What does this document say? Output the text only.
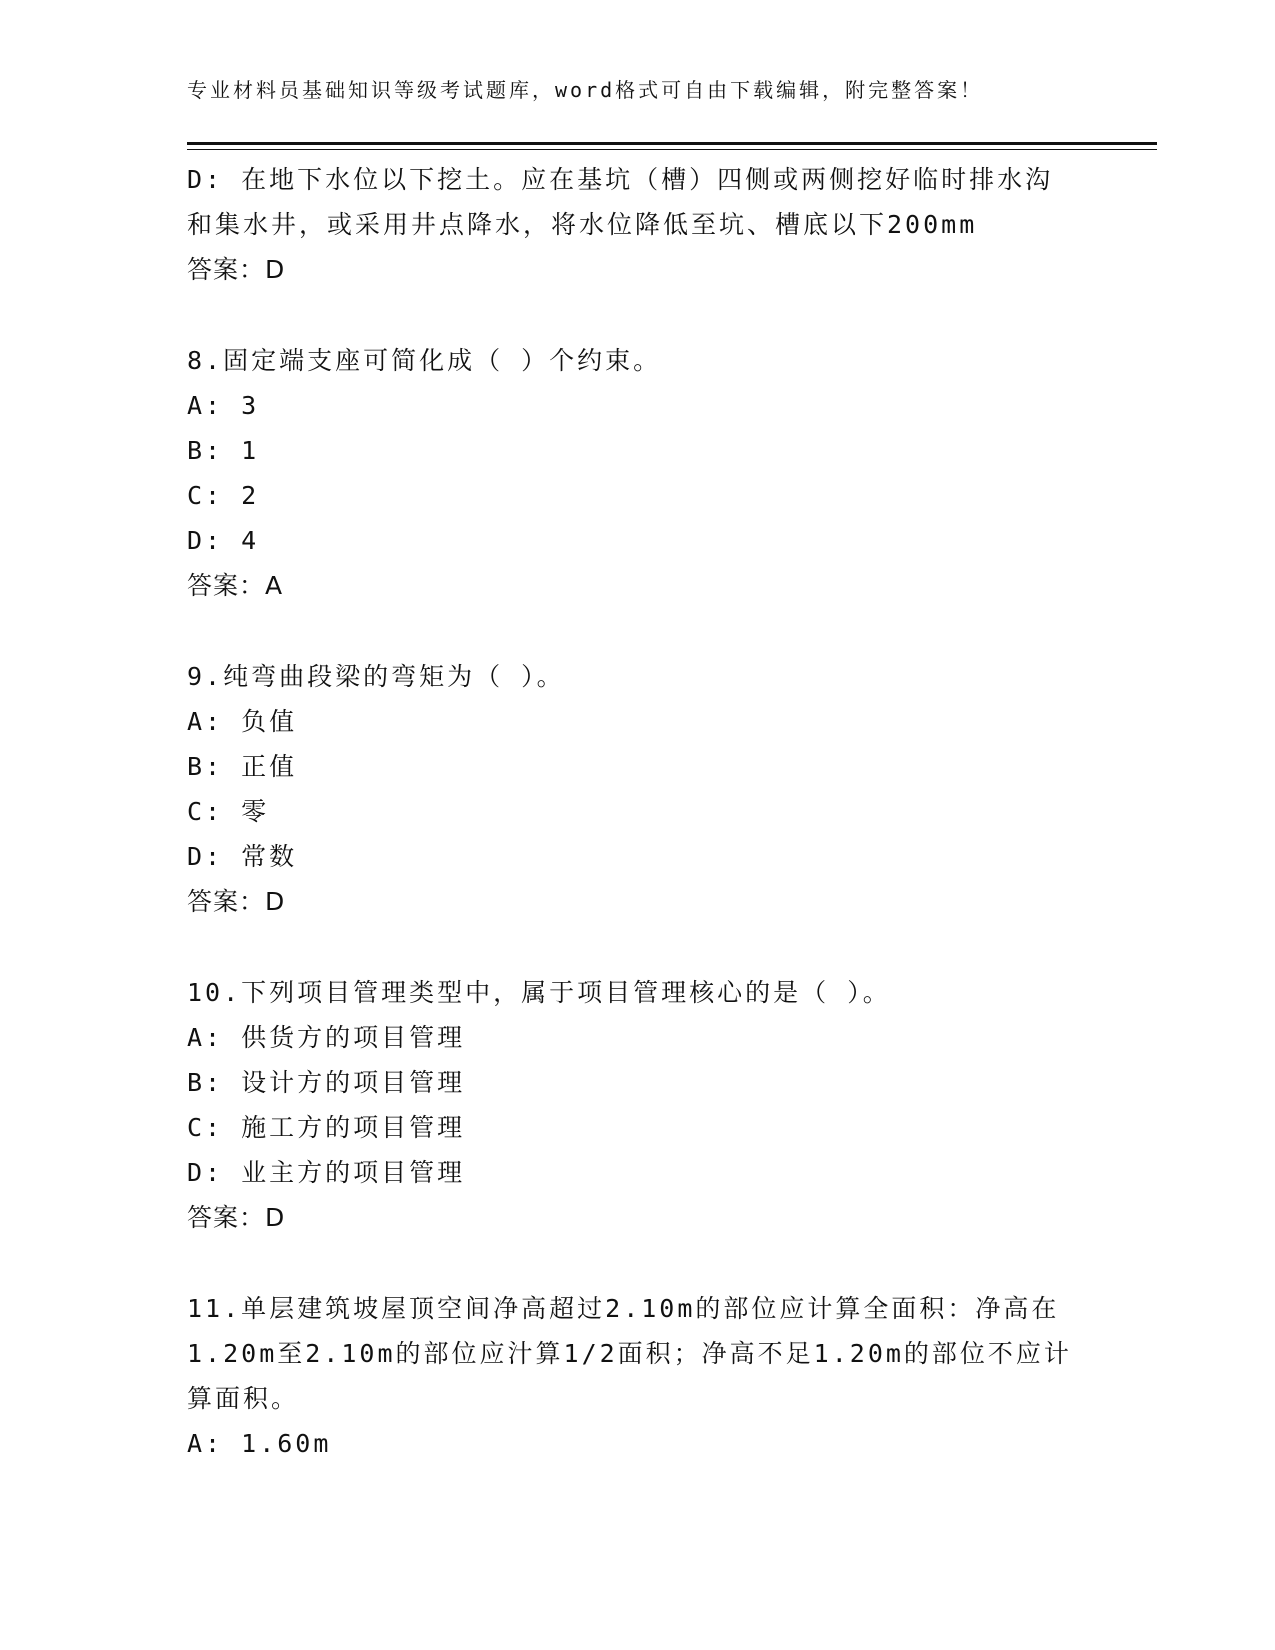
专业材料员基础知识等级考试题库，word格式可自由下载编辑，附完整答案！
D: 在地下水位以下挖土。应在基坑（槽）四侧或两侧挖好临时排水沟
和集水井，或采用井点降水，将水位降低至坑、槽底以下200mm
答案：D
8.固定端支座可简化成（ ）个约束。
A: 3
B: 1
C: 2
D: 4
答案：A
9.纯弯曲段梁的弯矩为（ ）。
A: 负值
B: 正值
C: 零
D: 常数
答案：D
10.下列项目管理类型中，属于项目管理核心的是（ ）。
A: 供货方的项目管理
B: 设计方的项目管理
C: 施工方的项目管理
D: 业主方的项目管理
答案：D
11.单层建筑坡屋顶空间净高超过2.10m的部位应计算全面积：净高在
1.20m至2.10m的部位应汁算1/2面积；净高不足1.20m的部位不应计
算面积。
A: 1.60m
